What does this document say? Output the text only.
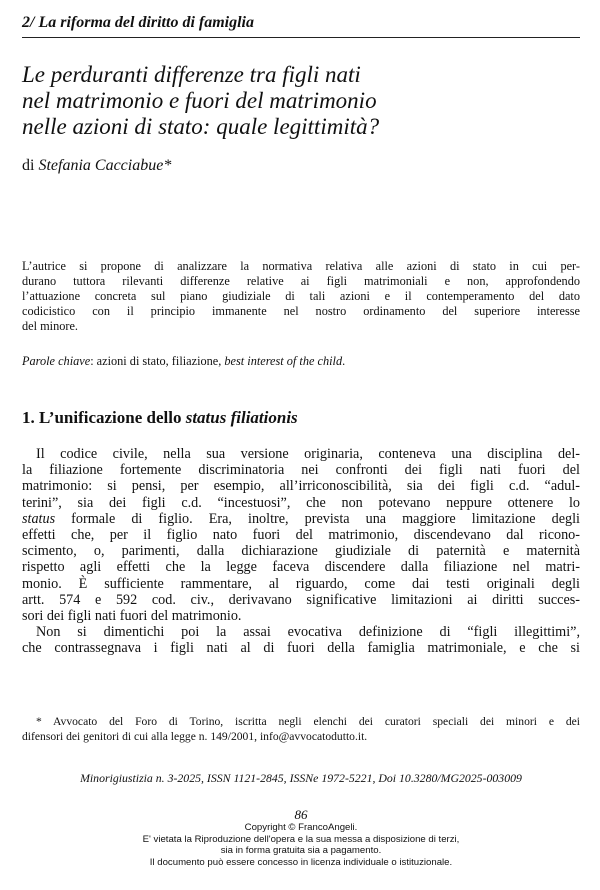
2/ La riforma del diritto di famiglia
Le perduranti differenze tra figli nati
nel matrimonio e fuori del matrimonio
nelle azioni di stato: quale legittimità?
di Stefania Cacciabue*
L’autrice si propone di analizzare la normativa relativa alle azioni di stato in cui per-
durano tuttora rilevanti differenze relative ai figli matrimoniali e non, approfondendo
l’attuazione concreta sul piano giudiziale di tali azioni e il contemperamento del dato
codicistico con il principio immanente nel nostro ordinamento del superiore interesse
del minore.
Parole chiave: azioni di stato, filiazione, best interest of the child.
1. L’unificazione dello status filiationis
Il codice civile, nella sua versione originaria, conteneva una disciplina del-
la filiazione fortemente discriminatoria nei confronti dei figli nati fuori del
matrimonio: si pensi, per esempio, all’irriconoscibilità, sia dei figli c.d. “adul-
terini”, sia dei figli c.d. “incestuosi”, che non potevano neppure ottenere lo
status formale di figlio. Era, inoltre, prevista una maggiore limitazione degli
effetti che, per il figlio nato fuori del matrimonio, discendevano dal ricono-
scimento, o, parimenti, dalla dichiarazione giudiziale di paternità e maternità
rispetto agli effetti che la legge faceva discendere dalla filiazione nel matri-
monio. È sufficiente rammentare, al riguardo, come dai testi originali degli
artt. 574 e 592 cod. civ., derivavano significative limitazioni ai diritti succes-
sori dei figli nati fuori del matrimonio.
Non si dimentichi poi la assai evocativa definizione di “figli illegittimi”,
che contrassegnava i figli nati al di fuori della famiglia matrimoniale, e che si
* Avvocato del Foro di Torino, iscritta negli elenchi dei curatori speciali dei minori e dei
difensori dei genitori di cui alla legge n. 149/2001, info@avvocatodutto.it.
Minorigiustizia n. 3-2025, ISSN 1121-2845, ISSNe 1972-5221, Doi 10.3280/MG2025-003009
86
Copyright © FrancoAngeli.
E' vietata la Riproduzione dell'opera e la sua messa a disposizione di terzi,
sia in forma gratuita sia a pagamento.
Il documento può essere concesso in licenza individuale o istituzionale.
